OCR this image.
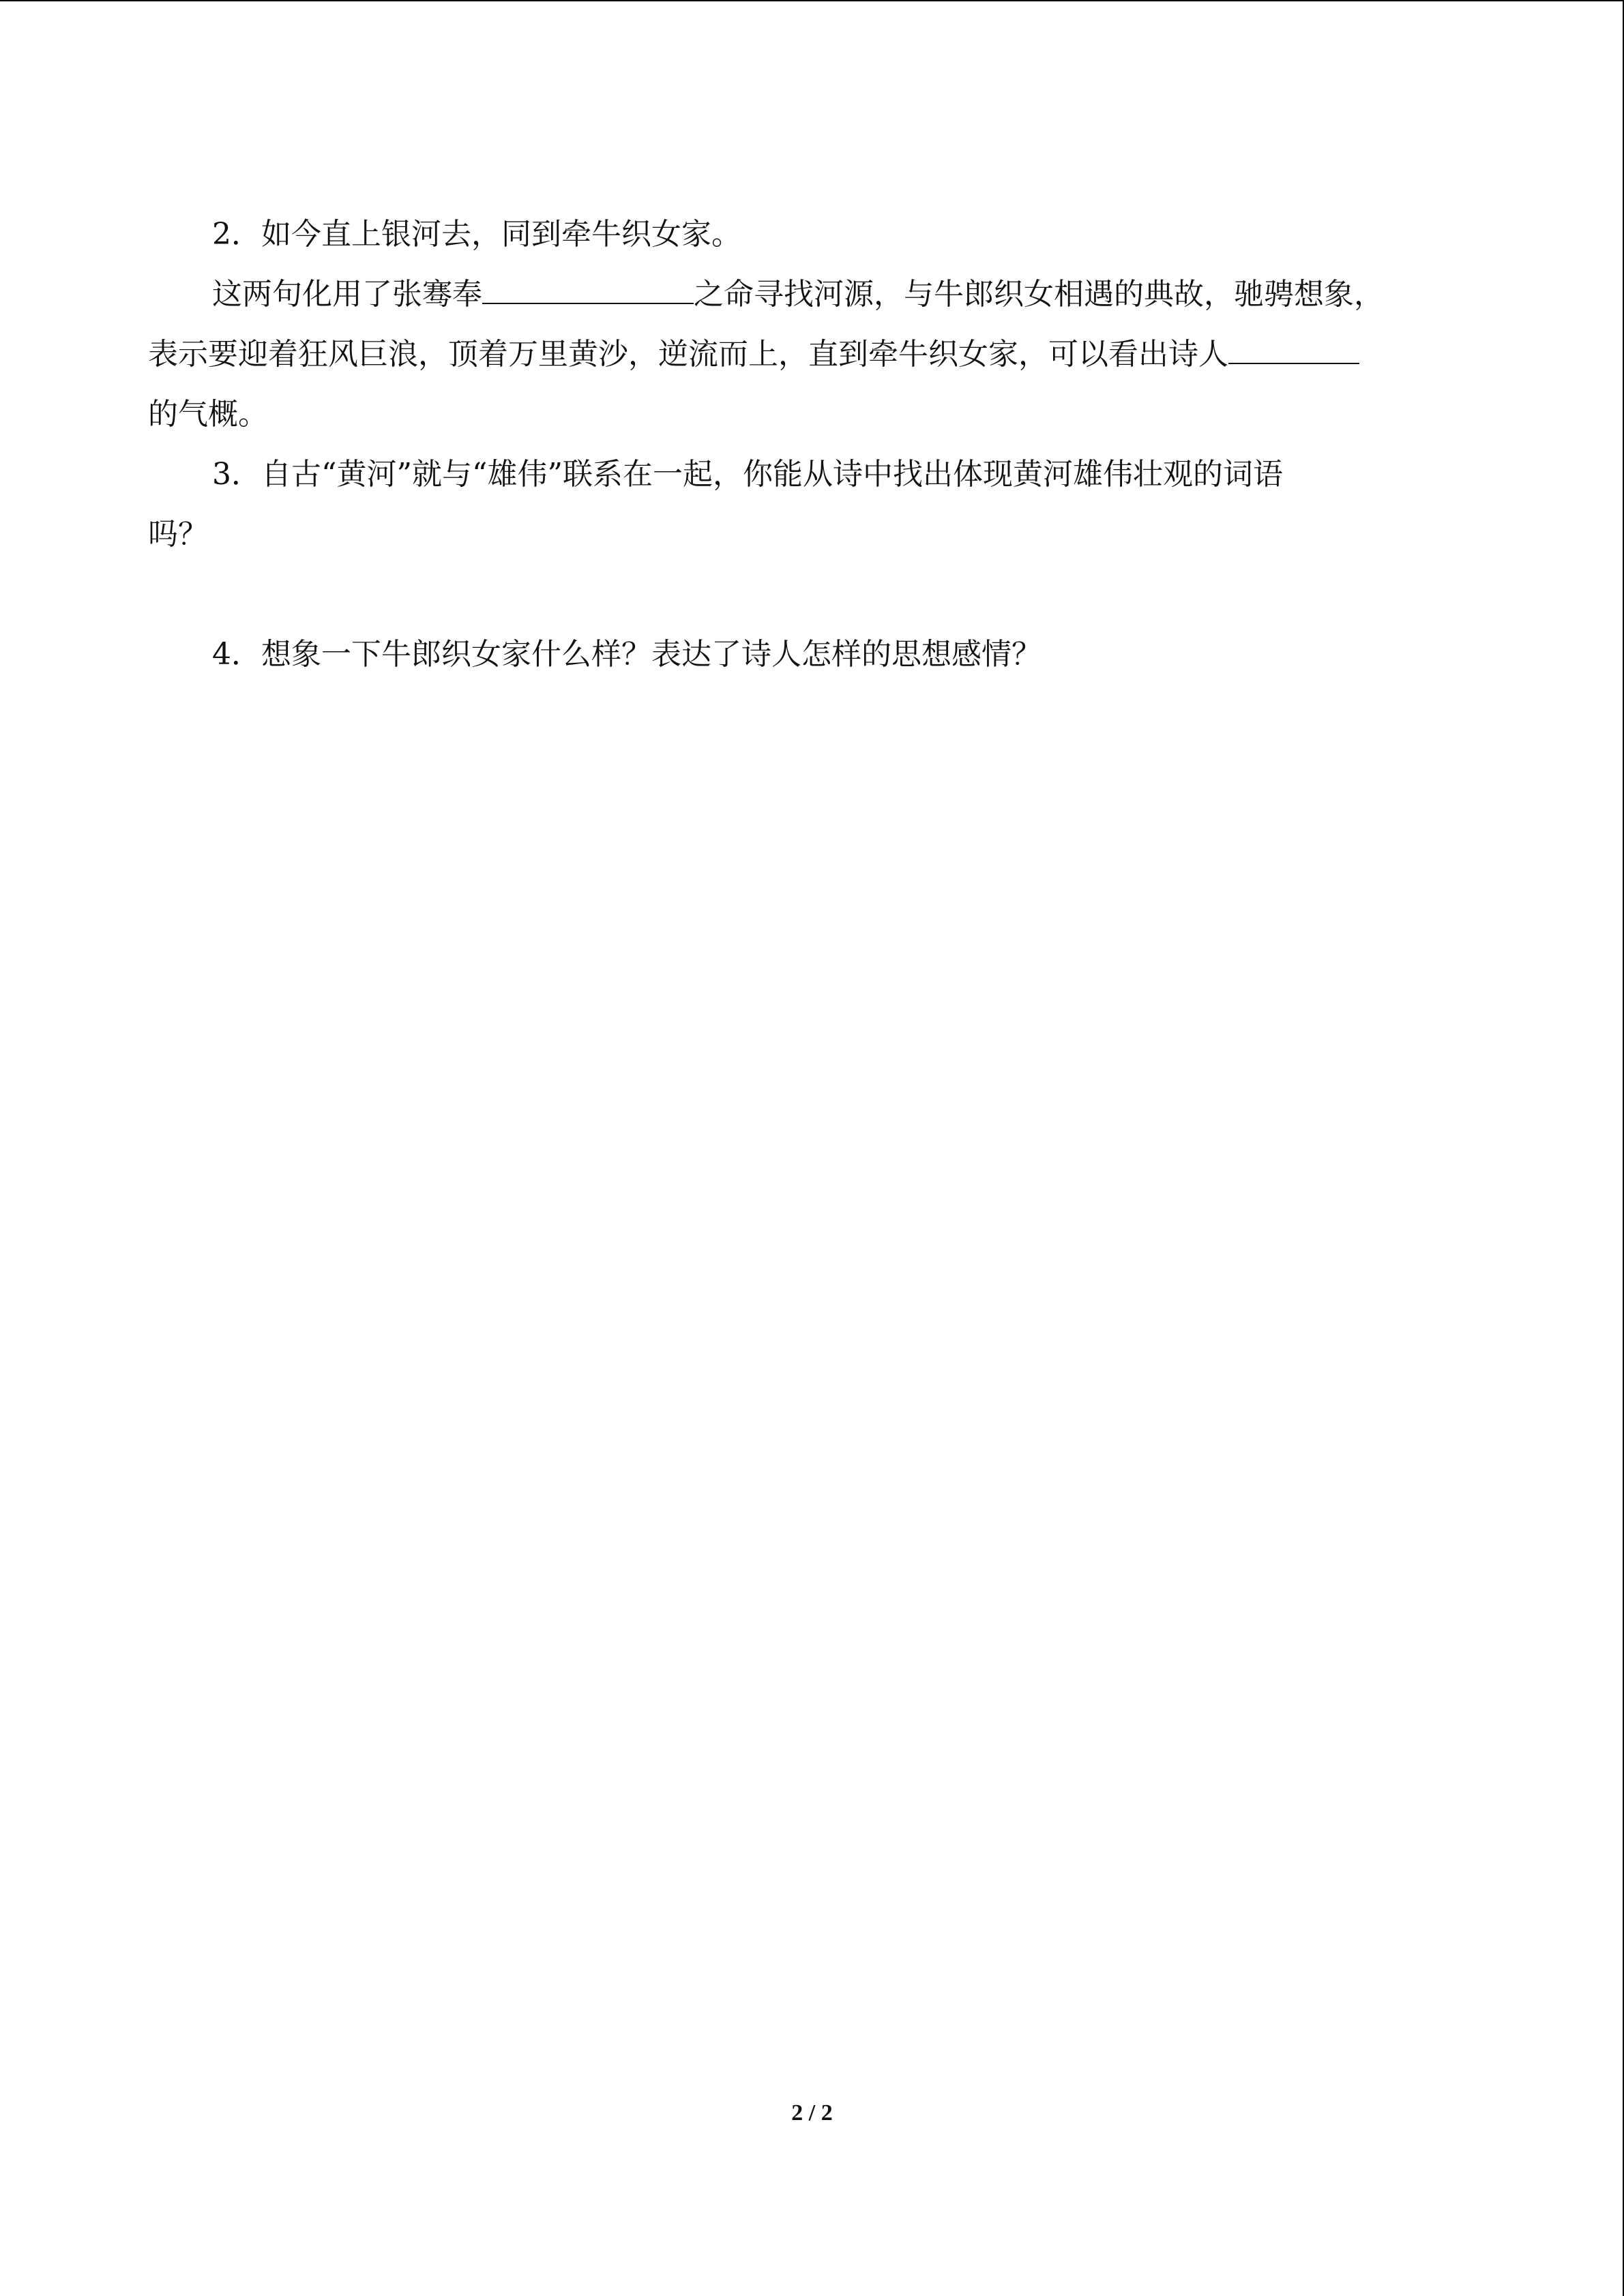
2．如今直上银河去，同到牵牛织女家。

这两句化用了张骞奉	之命寻找河源，与牛郎织女相遇的典故，驰骋想象，

表示要迎着狂风巨浪，顶着万里黄沙，逆流而上，直到牵牛织女家，可以看出诗人

的气概。

3．自古“黄河”就与“雄伟”联系在一起，你能从诗中找出体现黄河雄伟壮观的词语

吗？

4．想象一下牛郎织女家什么样？表达了诗人怎样的思想感情？

2 / 2
